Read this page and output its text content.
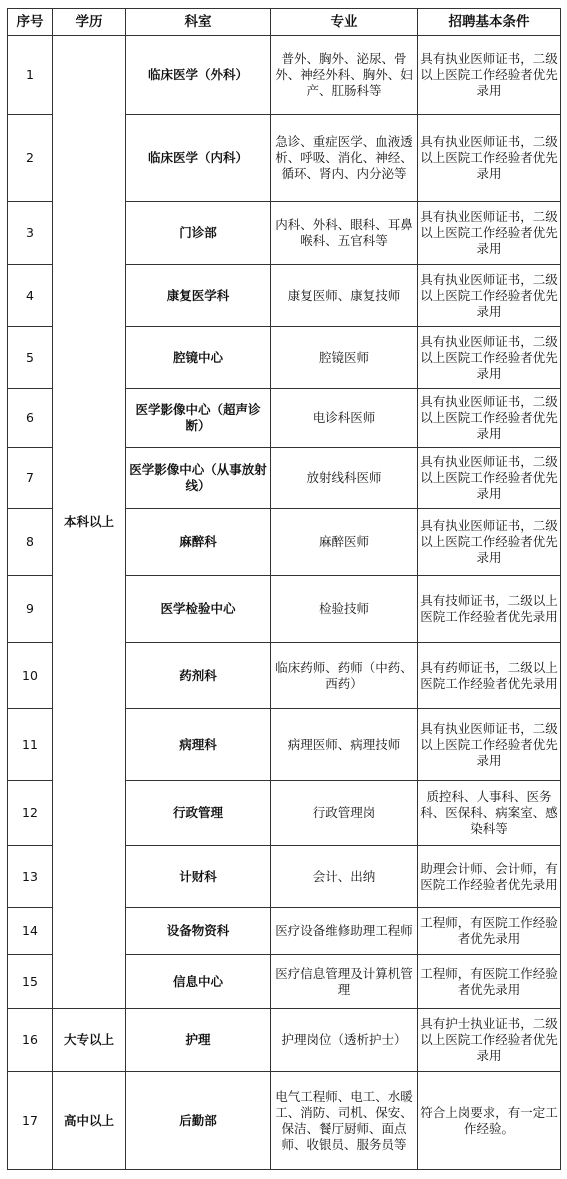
序号	学历	科室	专业	招聘基本条件
1	本科以上	临床医学（外科）	普外、胸外、泌尿、骨外、神经外科、胸外、妇产、肛肠科等	具有执业医师证书，二级以上医院工作经验者优先录用
2		临床医学（内科）	急诊、重症医学、血液透析、呼吸、消化、神经、循环、肾内、内分泌等	具有执业医师证书，二级以上医院工作经验者优先录用
3		门诊部	内科、外科、眼科、耳鼻喉科、五官科等	具有执业医师证书，二级以上医院工作经验者优先录用
4		康复医学科	康复医师、康复技师	具有执业医师证书，二级以上医院工作经验者优先录用
5		腔镜中心	腔镜医师	具有执业医师证书，二级以上医院工作经验者优先录用
6		医学影像中心（超声诊断）	电诊科医师	具有执业医师证书，二级以上医院工作经验者优先录用
7		医学影像中心（从事放射线）	放射线科医师	具有执业医师证书，二级以上医院工作经验者优先录用
8		麻醉科	麻醉医师	具有执业医师证书，二级以上医院工作经验者优先录用
9		医学检验中心	检验技师	具有技师证书，二级以上医院工作经验者优先录用
10		药剂科	临床药师、药师（中药、西药）	具有药师证书，二级以上医院工作经验者优先录用
11		病理科	病理医师、病理技师	具有执业医师证书，二级以上医院工作经验者优先录用
12		行政管理	行政管理岗	质控科、人事科、医务科、医保科、病案室、感染科等
13		计财科	会计、出纳	助理会计师、会计师，有医院工作经验者优先录用
14		设备物资科	医疗设备维修助理工程师	工程师，有医院工作经验者优先录用
15		信息中心	医疗信息管理及计算机管理	工程师，有医院工作经验者优先录用
16	大专以上	护理	护理岗位（透析护士）	具有护士执业证书，二级以上医院工作经验者优先录用
17	高中以上	后勤部	电气工程师、电工、水暖工、消防、司机、保安、保洁、餐厅厨师、面点师、收银员、服务员等	符合上岗要求，有一定工作经验。
